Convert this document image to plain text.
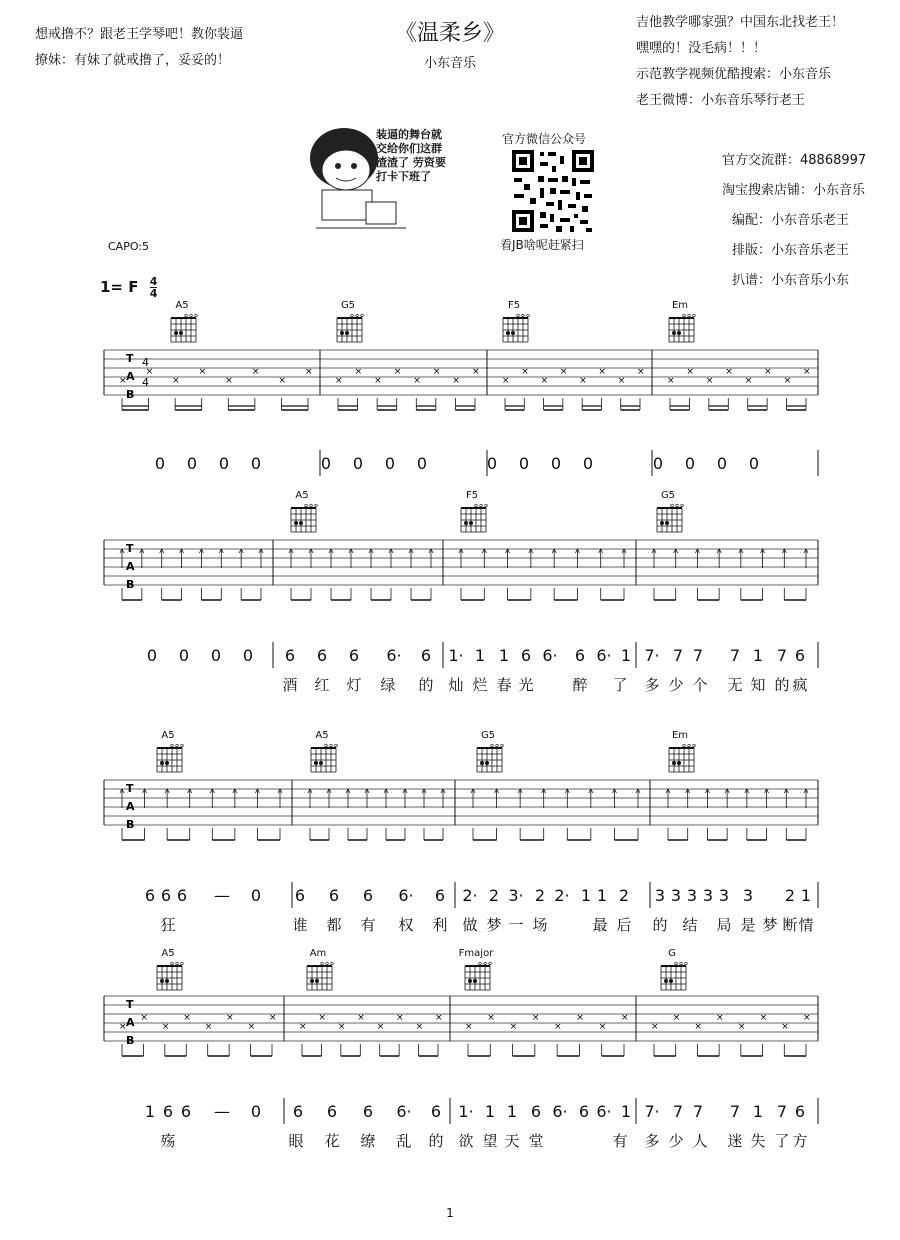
想戒撸不？跟老王学琴吧！教你装逼
撩妹：有妹了就戒撸了，妥妥的！
《温柔乡》
小东音乐
吉他教学哪家强？中国东北找老王！
嘿嘿的！没毛病！！！
示范教学视频优酷搜索：小东音乐
老王微博：小东音乐琴行老王
装逼的舞台就
交给你们这群
渣渣了 劳资要
打卡下班了
官方微信公众号
看JB啥呢赶紧扫
官方交流群：48868997
淘宝搜索店铺：小东音乐
编配：小东音乐老王
排版：小东音乐老王
扒谱：小东音乐小东
CAPO:5
1= F $\frac{4}{4}$
A5	G5	F5	Em
T
A
B
4
4
×
×
×
×
×
×
×
×
×
×
×
×
×
×
×
×
×
×
×
×
×
×
×
×
×
×
×
×
×
×
×
×
0	0	0	0	0	0	0	0	0	0	0	0	0	0	0	0
A5	F5	G5
T
A
B
0	0	0	0	6	6	6	6·	6	1· 1 1 6 6·	6 6· 1 7· 7 7	7 1 7 6
酒 红 灯 绿 的 灿 烂 春 光	醉 了 多 少 个 无 知 的 疯
A5	A5	G5	Em
T
A
B
6 6 6	—	0	6	6	6	6·	6	2· 2 3· 2 2· 1 1 2	3 3 3 3 3 3	2 1
狂	谁 都 有 权 利 做 梦 一 场	最 后 的 结 局 是 梦 断 情
A5	Am	Fmajor	G
T
A
B
×
×
×
×
×
×
×
×
×
×
×
×
×
×
×
×
×
×
×
×
×
×
×
×
×
×
×
×
×
×
×
×
1 6 6	—	0	6	6	6	6·	6	1· 1 1 6 6· 6 6· 1 7· 7 7	7 1 7 6
殇	眼 花 缭 乱 的 欲 望 天 堂	有 多 少 人 迷 失 了 方
1
